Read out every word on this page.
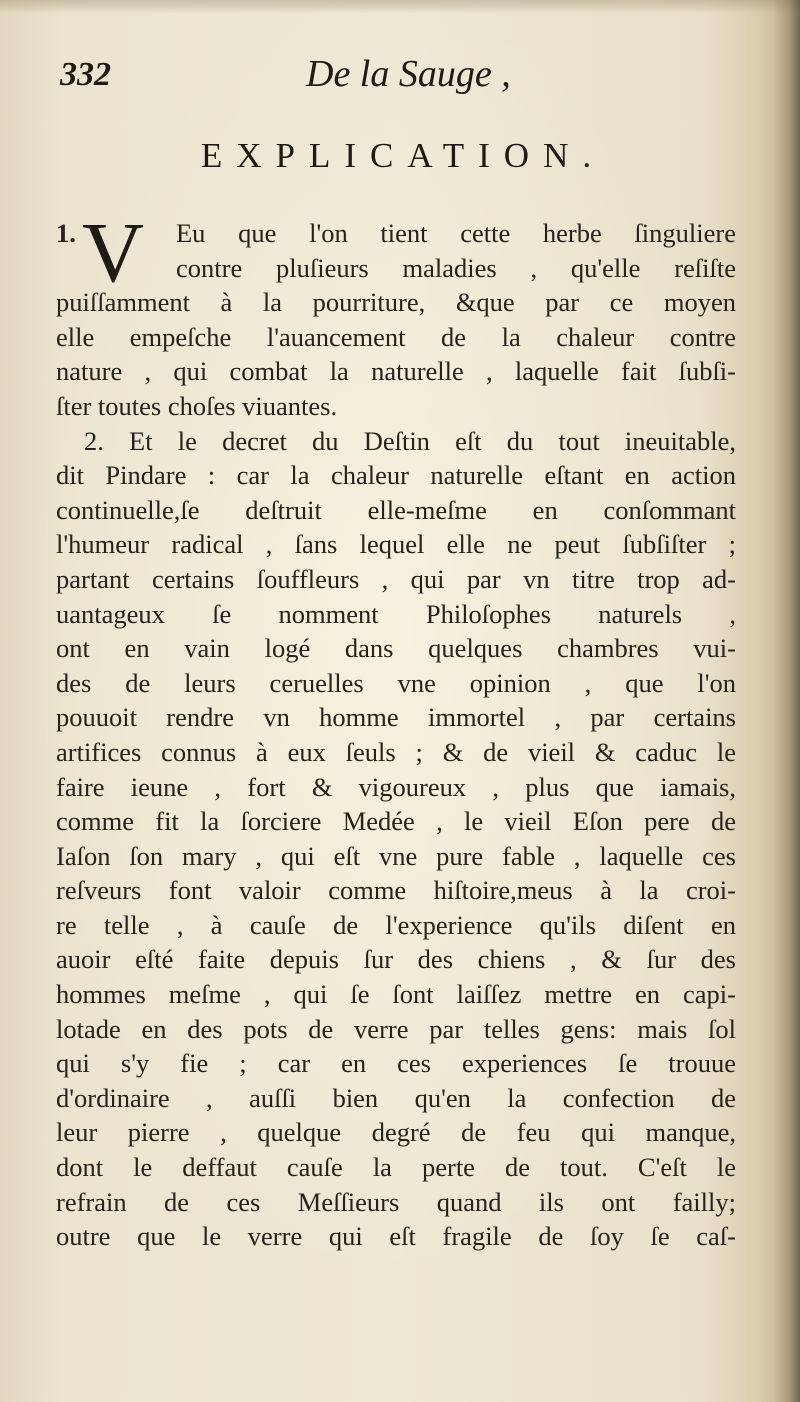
332	De la Sauge ,
EXPLICATION.
1. V	Eu que l'on tient cette herbe ſinguliere
contre pluſieurs maladies , qu'elle reſiſte
puiſſamment à la pourriture, &que par ce moyen
elle empeſche l'auancement de la chaleur contre
nature , qui combat la naturelle , laquelle fait ſubſi-
ſter toutes choſes viuantes.
2. Et le decret du Deſtin eſt du tout ineuitable,
dit Pindare : car la chaleur naturelle eſtant en action
continuelle,ſe deſtruit elle-meſme en conſommant
l'humeur radical , ſans lequel elle ne peut ſubſiſter ;
partant certains ſouffleurs , qui par vn titre trop ad-
uantageux ſe nomment Philoſophes naturels ,
ont en vain logé dans quelques chambres vui-
des de leurs ceruelles vne opinion , que l'on
pouuoit rendre vn homme immortel , par certains
artifices connus à eux ſeuls ; & de vieil & caduc le
faire ieune , fort & vigoureux , plus que iamais,
comme fit la ſorciere Medée , le vieil Eſon pere de
Iaſon ſon mary , qui eſt vne pure fable , laquelle ces
reſveurs font valoir comme hiſtoire,meus à la croi-
re telle , à cauſe de l'experience qu'ils diſent en
auoir eſté faite depuis ſur des chiens , & ſur des
hommes meſme , qui ſe ſont laiſſez mettre en capi-
lotade en des pots de verre par telles gens: mais ſol
qui s'y fie ; car en ces experiences ſe trouue
d'ordinaire , auſſi bien qu'en la confection de
leur pierre , quelque degré de feu qui manque,
dont le deffaut cauſe la perte de tout. C'eſt le
refrain de ces Meſſieurs quand ils ont failly;
outre que le verre qui eſt fragile de ſoy ſe caſ-
